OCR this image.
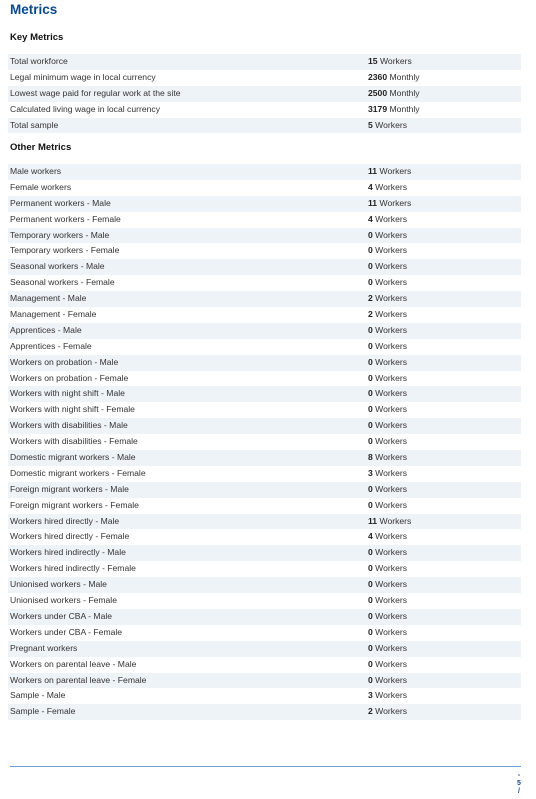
Metrics
Key Metrics
Total workforce	15 Workers
Legal minimum wage in local currency	2360 Monthly
Lowest wage paid for regular work at the site	2500 Monthly
Calculated living wage in local currency	3179 Monthly
Total sample	5 Workers
Other Metrics
Male workers	11 Workers
Female workers	4 Workers
Permanent workers - Male	11 Workers
Permanent workers - Female	4 Workers
Temporary workers - Male	0 Workers
Temporary workers - Female	0 Workers
Seasonal workers - Male	0 Workers
Seasonal workers - Female	0 Workers
Management - Male	2 Workers
Management - Female	2 Workers
Apprentices - Male	0 Workers
Apprentices - Female	0 Workers
Workers on probation - Male	0 Workers
Workers on probation - Female	0 Workers
Workers with night shift - Male	0 Workers
Workers with night shift - Female	0 Workers
Workers with disabilities - Male	0 Workers
Workers with disabilities - Female	0 Workers
Domestic migrant workers - Male	8 Workers
Domestic migrant workers - Female	3 Workers
Foreign migrant workers - Male	0 Workers
Foreign migrant workers - Female	0 Workers
Workers hired directly - Male	11 Workers
Workers hired directly - Female	4 Workers
Workers hired indirectly - Male	0 Workers
Workers hired indirectly - Female	0 Workers
Unionised workers - Male	0 Workers
Unionised workers - Female	0 Workers
Workers under CBA - Male	0 Workers
Workers under CBA - Female	0 Workers
Pregnant workers	0 Workers
Workers on parental leave - Male	0 Workers
Workers on parental leave - Female	0 Workers
Sample - Male	3 Workers
Sample - Female	2 Workers
-
5
/
